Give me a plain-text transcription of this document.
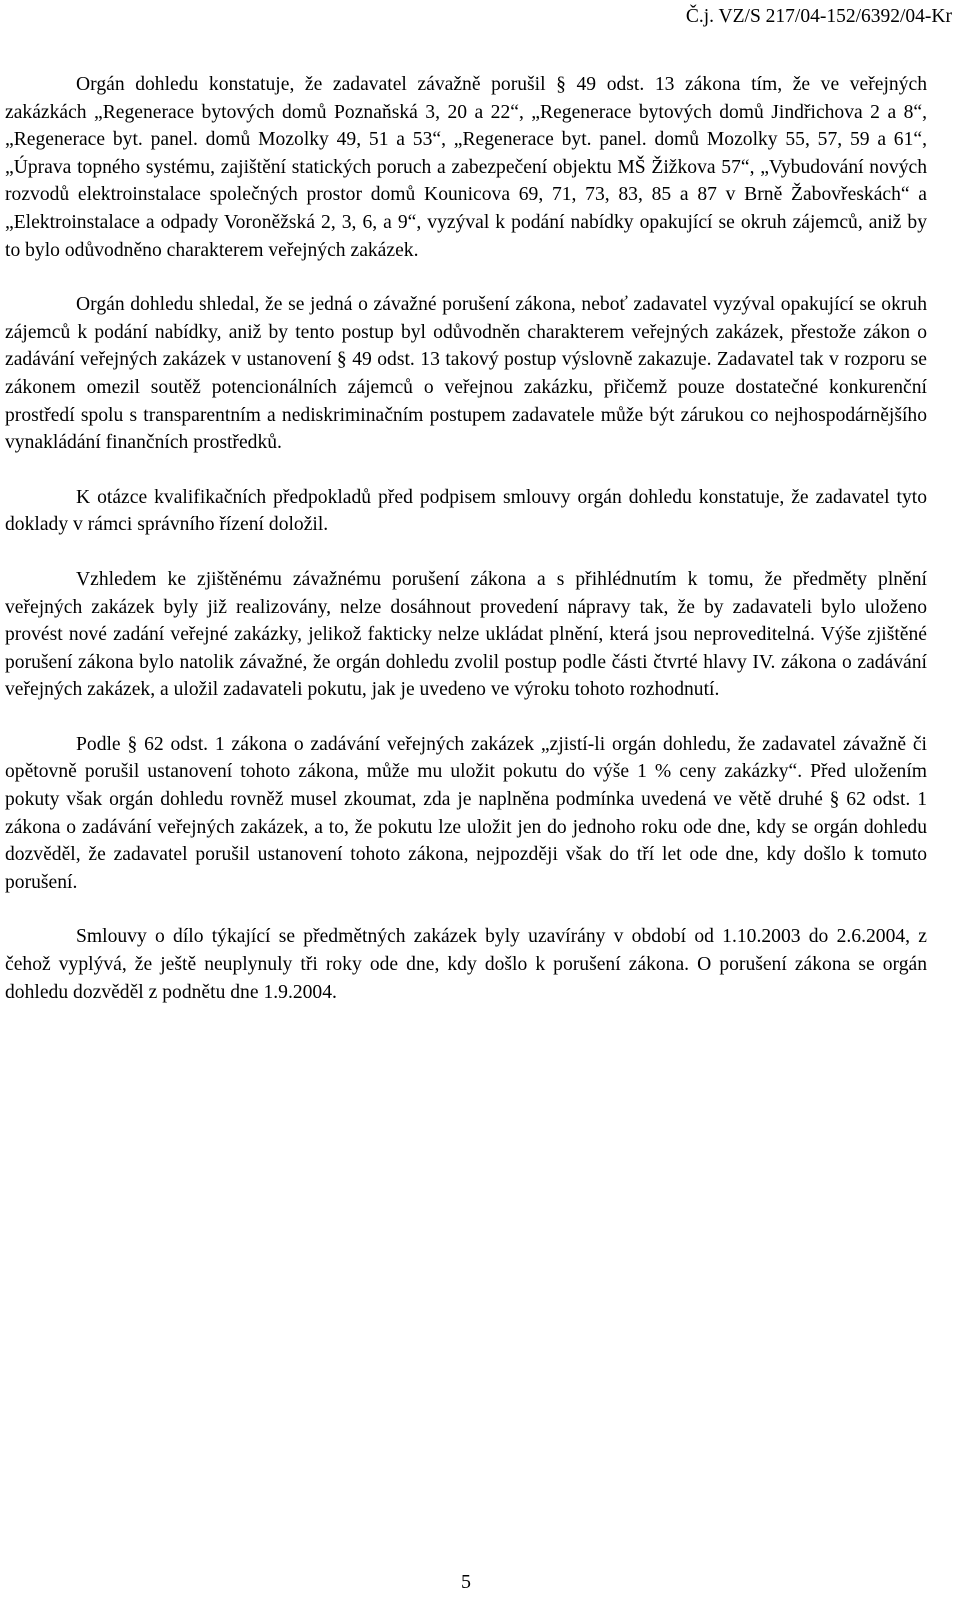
Č.j. VZ/S 217/04-152/6392/04-Kr

Orgán dohledu konstatuje, že zadavatel závažně porušil § 49 odst. 13 zákona tím, že ve veřejných zakázkách „Regenerace bytových domů Poznaňská 3, 20 a 22“, „Regenerace bytových domů Jindřichova 2 a 8“, „Regenerace byt. panel. domů Mozolky 49, 51 a 53“, „Regenerace byt. panel. domů Mozolky 55, 57, 59 a 61“, „Úprava topného systému, zajištění statických poruch a zabezpečení objektu MŠ Žižkova 57“, „Vybudování nových rozvodů elektroinstalace společných prostor domů Kounicova 69, 71, 73, 83, 85 a 87 v Brně Žabovřeskách“ a „Elektroinstalace a odpady Voroněžská 2, 3, 6, a 9“, vyzýval k podání nabídky opakující se okruh zájemců, aniž by to bylo odůvodněno charakterem veřejných zakázek.

Orgán dohledu shledal, že se jedná o závažné porušení zákona, neboť zadavatel vyzýval opakující se okruh zájemců k podání nabídky, aniž by tento postup byl odůvodněn charakterem veřejných zakázek, přestože zákon o zadávání veřejných zakázek v ustanovení § 49 odst. 13 takový postup výslovně zakazuje. Zadavatel tak v rozporu se zákonem omezil soutěž potencionálních zájemců o veřejnou zakázku, přičemž pouze dostatečné konkurenční prostředí spolu s transparentním a nediskriminačním postupem zadavatele může být zárukou co nejhospodárnějšího vynakládání finančních prostředků.

K otázce kvalifikačních předpokladů před podpisem smlouvy orgán dohledu konstatuje, že zadavatel tyto doklady v rámci správního řízení doložil.

Vzhledem ke zjištěnému závažnému porušení zákona a s přihlédnutím k tomu, že předměty plnění veřejných zakázek byly již realizovány, nelze dosáhnout provedení nápravy tak, že by zadavateli bylo uloženo provést nové zadání veřejné zakázky, jelikož fakticky nelze ukládat plnění, která jsou neproveditelná. Výše zjištěné porušení zákona bylo natolik závažné, že orgán dohledu zvolil postup podle části čtvrté hlavy IV. zákona o zadávání veřejných zakázek, a uložil zadavateli pokutu, jak je uvedeno ve výroku tohoto rozhodnutí.

Podle § 62 odst. 1 zákona o zadávání veřejných zakázek „zjistí-li orgán dohledu, že zadavatel závažně či opětovně porušil ustanovení tohoto zákona, může mu uložit pokutu do výše 1 % ceny zakázky“. Před uložením pokuty však orgán dohledu rovněž musel zkoumat, zda je naplněna podmínka uvedená ve větě druhé § 62 odst. 1 zákona o zadávání veřejných zakázek, a to, že pokutu lze uložit jen do jednoho roku ode dne, kdy se orgán dohledu dozvěděl, že zadavatel porušil ustanovení tohoto zákona, nejpozději však do tří let ode dne, kdy došlo k tomuto porušení.

Smlouvy o dílo týkající se předmětných zakázek byly uzavírány v období od 1.10.2003 do 2.6.2004, z čehož vyplývá, že ještě neuplynuly tři roky ode dne, kdy došlo k porušení zákona. O porušení zákona se orgán dohledu dozvěděl z podnětu dne 1.9.2004.

5
